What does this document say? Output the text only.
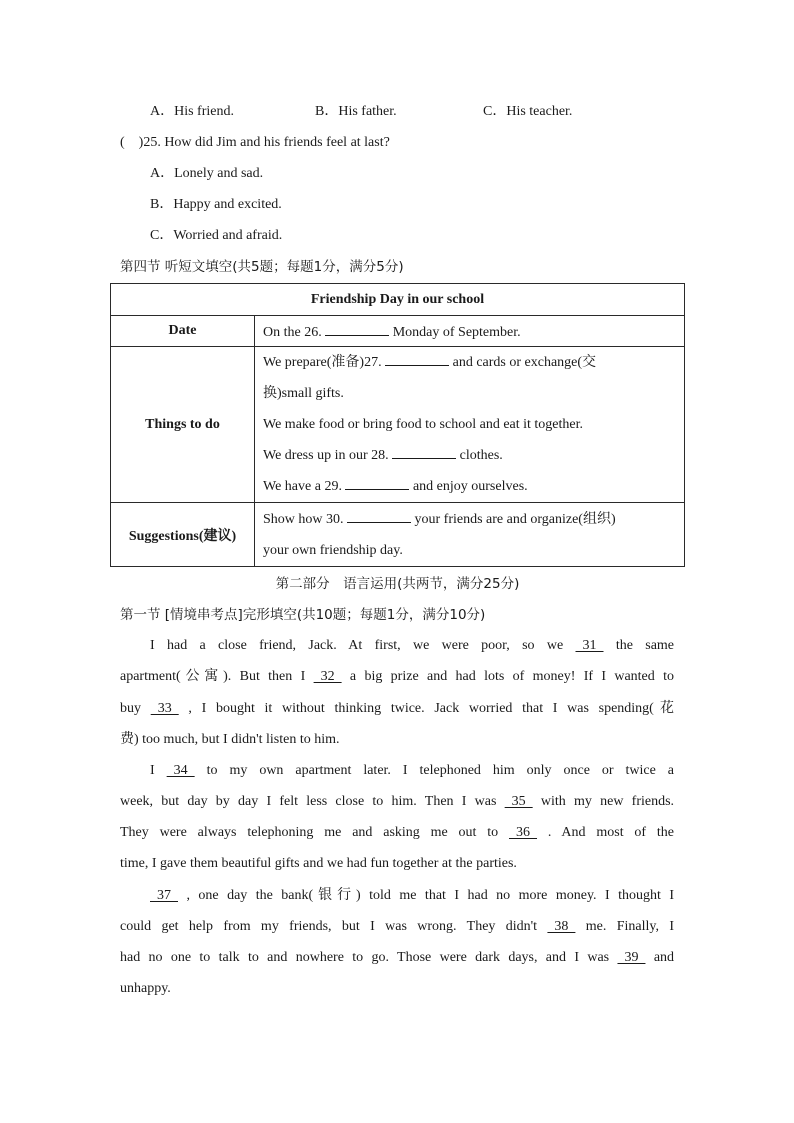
A．His friend.	B．His father.	C．His teacher.
(　)25. How did Jim and his friends feel at last?
A．Lonely and sad.
B．Happy and excited.
C．Worried and afraid.
第四节 听短文填空(共5题；每题1分，满分5分)
Friendship Day in our school	
Date	On the 26. Monday of September.
Things to do	We prepare(准备)27. and cards or exchange(交
换)small gifts.
We make food or bring food to school and eat it together.
We dress up in our 28. clothes.
We have a 29. and enjoy ourselves.

Suggestions(建议)	Show how 30. your friends are and organize(组织)
your own friendship day.
第二部分　语言运用(共两节，满分25分)
第一节 [情境串考点]完形填空(共10题；每题1分，满分10分)
I had a close friend, Jack. At first, we were poor, so we   31   the same
apartment(公寓). But then I   32   a big prize and had lots of money! If I wanted to
buy   33   , I bought it without thinking twice. Jack worried that I was spending(花
费) too much, but I didn't listen to him.
I   34   to my own apartment later. I telephoned him only once or twice a
week, but day by day I felt less close to him. Then I was   35   with my new friends.
They were always telephoning me and asking me out to   36   . And most of the
time, I gave them beautiful gifts and we had fun together at the parties.
37   , one day the bank(银行) told me that I had no more money. I thought I
could get help from my friends, but I was wrong. They didn't   38   me. Finally, I
had no one to talk to and nowhere to go. Those were dark days, and I was   39   and
unhappy.
